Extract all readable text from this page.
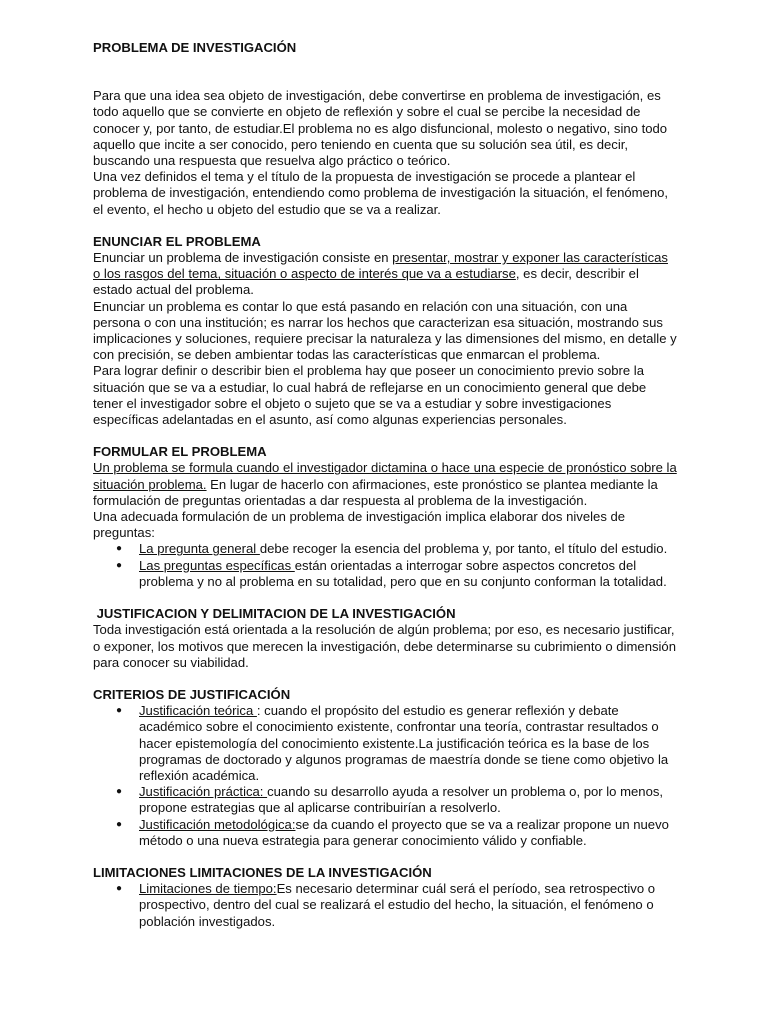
PROBLEMA DE INVESTIGACIÓN

Para que una idea sea objeto de investigación, debe convertirse en problema de investigación, es todo aquello que se convierte en objeto de reflexión y sobre el cual se percibe la necesidad de conocer y, por tanto, de estudiar.El problema no es algo disfuncional, molesto o negativo, sino todo aquello que incite a ser conocido, pero teniendo en cuenta que su solución sea útil, es decir, buscando una respuesta que resuelva algo práctico o teórico.

Una vez definidos el tema y el título de la propuesta de investigación se procede a plantear el problema de investigación, entendiendo como problema de investigación la situación, el fenómeno, el evento, el hecho u objeto del estudio que se va a realizar.

ENUNCIAR EL PROBLEMA

Enunciar un problema de investigación consiste en presentar, mostrar y exponer las características o los rasgos del tema, situación o aspecto de interés que va a estudiarse, es decir, describir el estado actual del problema.

Enunciar un problema es contar lo que está pasando en relación con una situación, con una persona o con una institución; es narrar los hechos que caracterizan esa situación, mostrando sus implicaciones y soluciones, requiere precisar la naturaleza y las dimensiones del mismo, en detalle y con precisión, se deben ambientar todas las características que enmarcan el problema.

Para lograr definir o describir bien el problema hay que poseer un conocimiento previo sobre la situación que se va a estudiar, lo cual habrá de reflejarse en un conocimiento general que debe tener el investigador sobre el objeto o sujeto que se va a estudiar y sobre investigaciones específicas adelantadas en el asunto, así como algunas experiencias personales.

FORMULAR EL PROBLEMA

Un problema se formula cuando el investigador dictamina o hace una especie de pronóstico sobre la situación problema. En lugar de hacerlo con afirmaciones, este pronóstico se plantea mediante la formulación de preguntas orientadas a dar respuesta al problema de la investigación.

Una adecuada formulación de un problema de investigación implica elaborar dos niveles de preguntas:

● La pregunta general debe recoger la esencia del problema y, por tanto, el título del estudio.
● Las preguntas específicas están orientadas a interrogar sobre aspectos concretos del problema y no al problema en su totalidad, pero que en su conjunto conforman la totalidad.

JUSTIFICACION Y DELIMITACION DE LA INVESTIGACIÓN

Toda investigación está orientada a la resolución de algún problema; por eso, es necesario justificar, o exponer, los motivos que merecen la investigación, debe determinarse su cubrimiento o dimensión para conocer su viabilidad.

CRITERIOS DE JUSTIFICACIÓN

● Justificación teórica : cuando el propósito del estudio es generar reflexión y debate académico sobre el conocimiento existente, confrontar una teoría, contrastar resultados o hacer epistemología del conocimiento existente.La justificación teórica es la base de los programas de doctorado y algunos programas de maestría donde se tiene como objetivo la reflexión académica.
● Justificación práctica: cuando su desarrollo ayuda a resolver un problema o, por lo menos, propone estrategias que al aplicarse contribuirían a resolverlo.
● Justificación metodológica:se da cuando el proyecto que se va a realizar propone un nuevo método o una nueva estrategia para generar conocimiento válido y confiable.

LIMITACIONES LIMITACIONES DE LA INVESTIGACIÓN

● Limitaciones de tiempo:Es necesario determinar cuál será el período, sea retrospectivo o prospectivo, dentro del cual se realizará el estudio del hecho, la situación, el fenómeno o población investigados.
